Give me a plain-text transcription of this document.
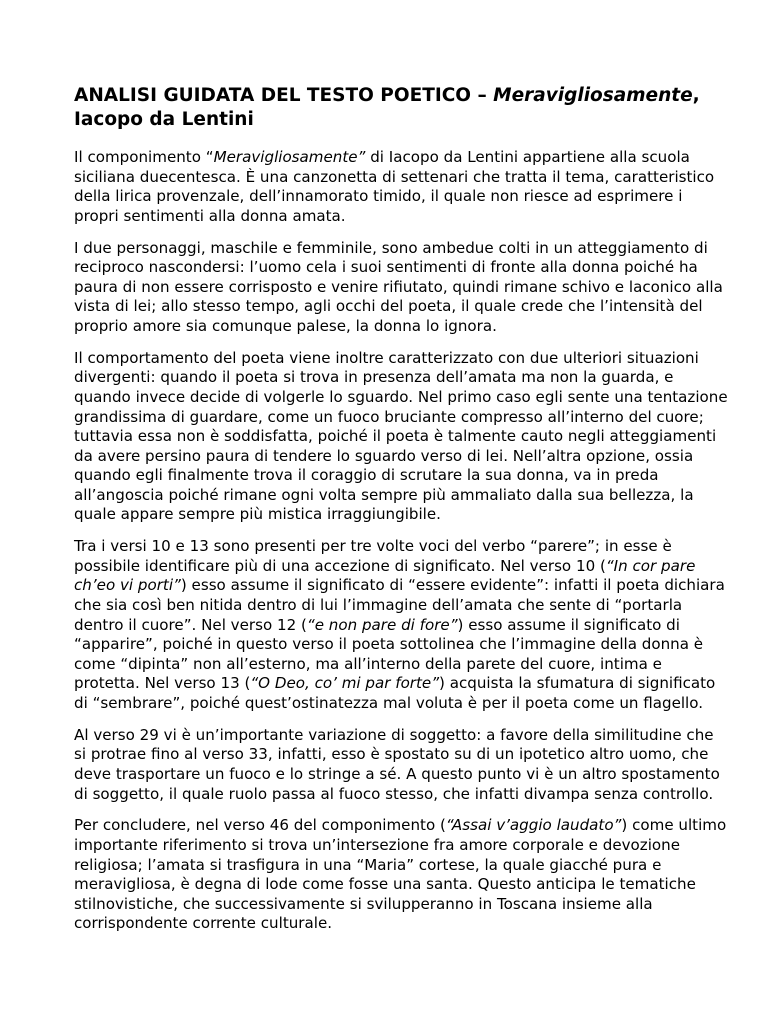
ANALISI GUIDATA DEL TESTO POETICO – Meravigliosamente,
Iacopo da Lentini

Il componimento “Meravigliosamente” di Iacopo da Lentini appartiene alla scuola siciliana duecentesca. È una canzonetta di settenari che tratta il tema, caratteristico della lirica provenzale, dell’innamorato timido, il quale non riesce ad esprimere i propri sentimenti alla donna amata.

I due personaggi, maschile e femminile, sono ambedue colti in un atteggiamento di reciproco nascondersi: l’uomo cela i suoi sentimenti di fronte alla donna poiché ha paura di non essere corrisposto e venire rifiutato, quindi rimane schivo e laconico alla vista di lei; allo stesso tempo, agli occhi del poeta, il quale crede che l’intensità del proprio amore sia comunque palese, la donna lo ignora.

Il comportamento del poeta viene inoltre caratterizzato con due ulteriori situazioni divergenti: quando il poeta si trova in presenza dell’amata ma non la guarda, e quando invece decide di volgerle lo sguardo. Nel primo caso egli sente una tentazione grandissima di guardare, come un fuoco bruciante compresso all’interno del cuore; tuttavia essa non è soddisfatta, poiché il poeta è talmente cauto negli atteggiamenti da avere persino paura di tendere lo sguardo verso di lei. Nell’altra opzione, ossia quando egli finalmente trova il coraggio di scrutare la sua donna, va in preda all’angoscia poiché rimane ogni volta sempre più ammaliato dalla sua bellezza, la quale appare sempre più mistica irraggiungibile.

Tra i versi 10 e 13 sono presenti per tre volte voci del verbo “parere”; in esse è possibile identificare più di una accezione di significato. Nel verso 10 (“In cor pare ch’eo vi porti”) esso assume il significato di “essere evidente”: infatti il poeta dichiara che sia così ben nitida dentro di lui l’immagine dell’amata che sente di “portarla dentro il cuore”. Nel verso 12 (“e non pare di fore”) esso assume il significato di “apparire”, poiché in questo verso il poeta sottolinea che l’immagine della donna è come “dipinta” non all’esterno, ma all’interno della parete del cuore, intima e protetta. Nel verso 13 (“O Deo, co’ mi par forte”) acquista la sfumatura di significato di “sembrare”, poiché quest’ostinatezza mal voluta è per il poeta come un flagello.

Al verso 29 vi è un’importante variazione di soggetto: a favore della similitudine che si protrae fino al verso 33, infatti, esso è spostato su di un ipotetico altro uomo, che deve trasportare un fuoco e lo stringe a sé. A questo punto vi è un altro spostamento di soggetto, il quale ruolo passa al fuoco stesso, che infatti divampa senza controllo.

Per concludere, nel verso 46 del componimento (“Assai v’aggio laudato”) come ultimo importante riferimento si trova un’intersezione fra amore corporale e devozione religiosa; l’amata si trasfigura in una “Maria” cortese, la quale giacché pura e meravigliosa, è degna di lode come fosse una santa. Questo anticipa le tematiche stilnovistiche, che successivamente si svilupperanno in Toscana insieme alla corrispondente corrente culturale.
